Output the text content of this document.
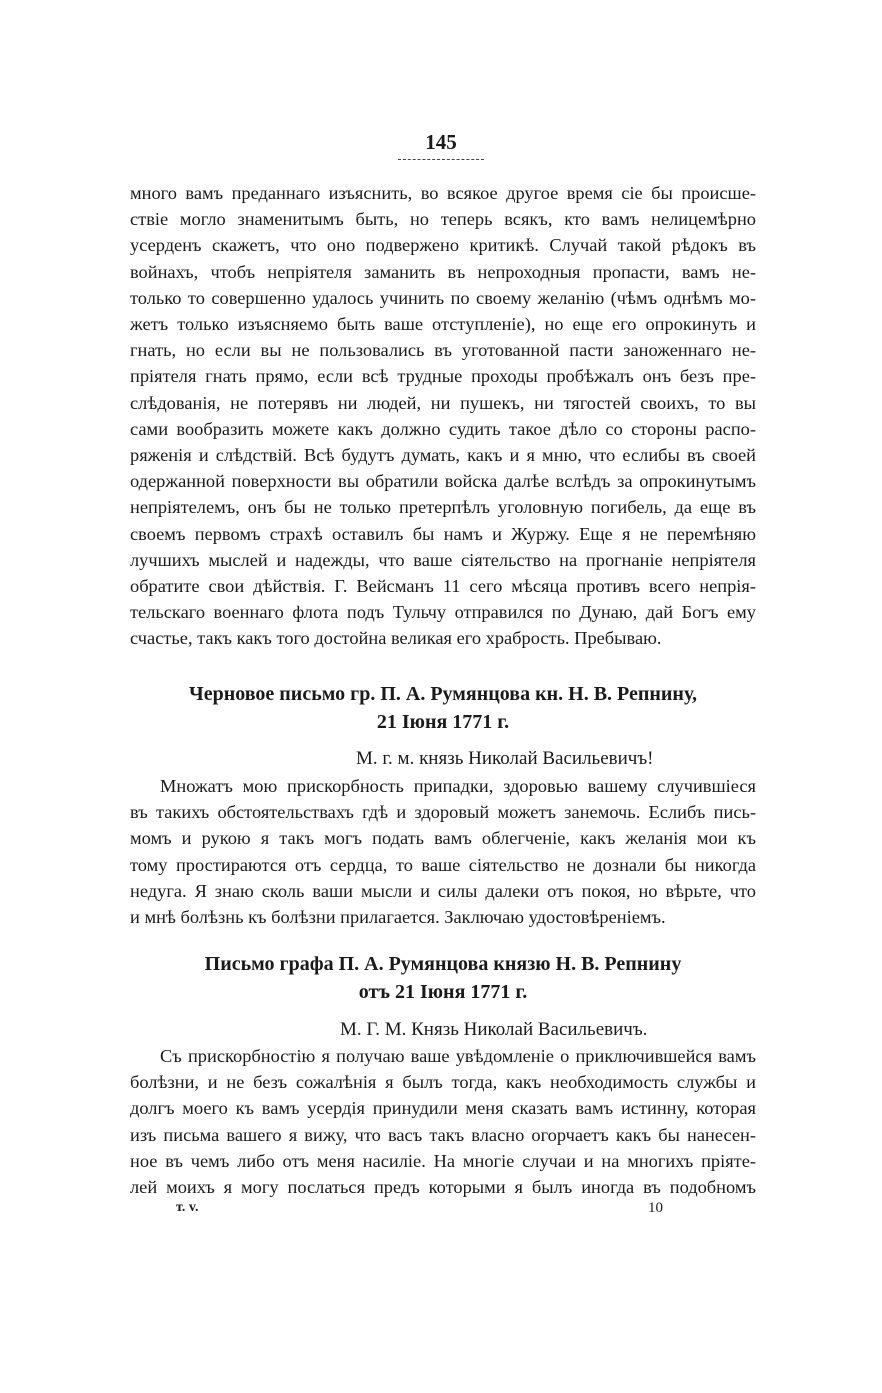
145
много вамъ преданнаго изъяснить, во всякое другое время сiе бы происше-
ствiе могло знаменитымъ быть, но теперь всякъ, кто вамъ нелицемѣрно
усерденъ скажетъ, что оно подвержено критикѣ. Случай такой рѣдокъ въ
войнахъ, чтобъ непрiятеля заманить въ непроходныя пропасти, вамъ не-
только то совершенно удалось учинить по своему желанiю (чѣмъ однѣмъ мо-
жетъ только изъясняемо быть ваше отступленiе), но еще его опрокинуть и
гнать, но если вы не пользовались въ уготованной пасти заноженнаго не-
прiятеля гнать прямо, если всѣ трудные проходы пробѣжалъ онъ безъ пре-
слѣдованiя, не потерявъ ни людей, ни пушекъ, ни тягостей своихъ, то вы
сами вообразить можете какъ должно судить такое дѣло со стороны распо-
ряженiя и слѣдствiй. Всѣ будутъ думать, какъ и я мню, что еслибы въ своей
одержанной поверхности вы обратили войска далѣе вслѣдъ за опрокинутымъ
непрiятелемъ, онъ бы не только претерпѣлъ уголовную погибель, да еще въ
своемъ первомъ страхѣ оставилъ бы намъ и Журжу. Еще я не перемѣняю
лучшихъ мыслей и надежды, что ваше сiятельство на прогнанiе непрiятеля
обратите свои дѣйствiя. Г. Вейсманъ 11 сего мѣсяца противъ всего непрiя-
тельскаго военнаго флота подъ Тульчу отправился по Дунаю, дай Богъ ему
счастье, такъ какъ того достойна великая его храбрость. Пребываю.
Черновое письмо гр. П. А. Румянцова кн. Н. В. Репнину,
21 Iюня 1771 г.
М. г. м. князь Николай Васильевичъ!
Множатъ мою прискорбность припадки, здоровью вашему случившiеся
въ такихъ обстоятельствахъ гдѣ и здоровый можетъ занемочь. Еслибъ пись-
момъ и рукою я такъ могъ подать вамъ облегченiе, какъ желанiя мои къ
тому простираются отъ сердца, то ваше сiятельство не дознали бы никогда
недуга. Я знаю сколь ваши мысли и силы далеки отъ покоя, но вѣрьте, что
и мнѣ болѣзнь къ болѣзни прилагается. Заключаю удостовѣренiемъ.
Письмо графа П. А. Румянцова князю Н. В. Репнину
отъ 21 Iюня 1771 г.
М. Г. М. Князь Николай Васильевичъ.
Съ прискорбностiю я получаю ваше увѣдомленiе о приключившейся вамъ
болѣзни, и не безъ сожалѣнiя я былъ тогда, какъ необходимость службы и
долгъ моего къ вамъ усердiя принудили меня сказать вамъ истинну, которая
изъ письма вашего я вижу, что васъ такъ власно огорчаетъ какъ бы нанесен-
ное въ чемъ либо отъ меня насилiе. На многiе случаи и на многихъ прiяте-
лей моихъ я могу послаться предъ которыми я былъ иногда въ подобномъ
т. v.	10
